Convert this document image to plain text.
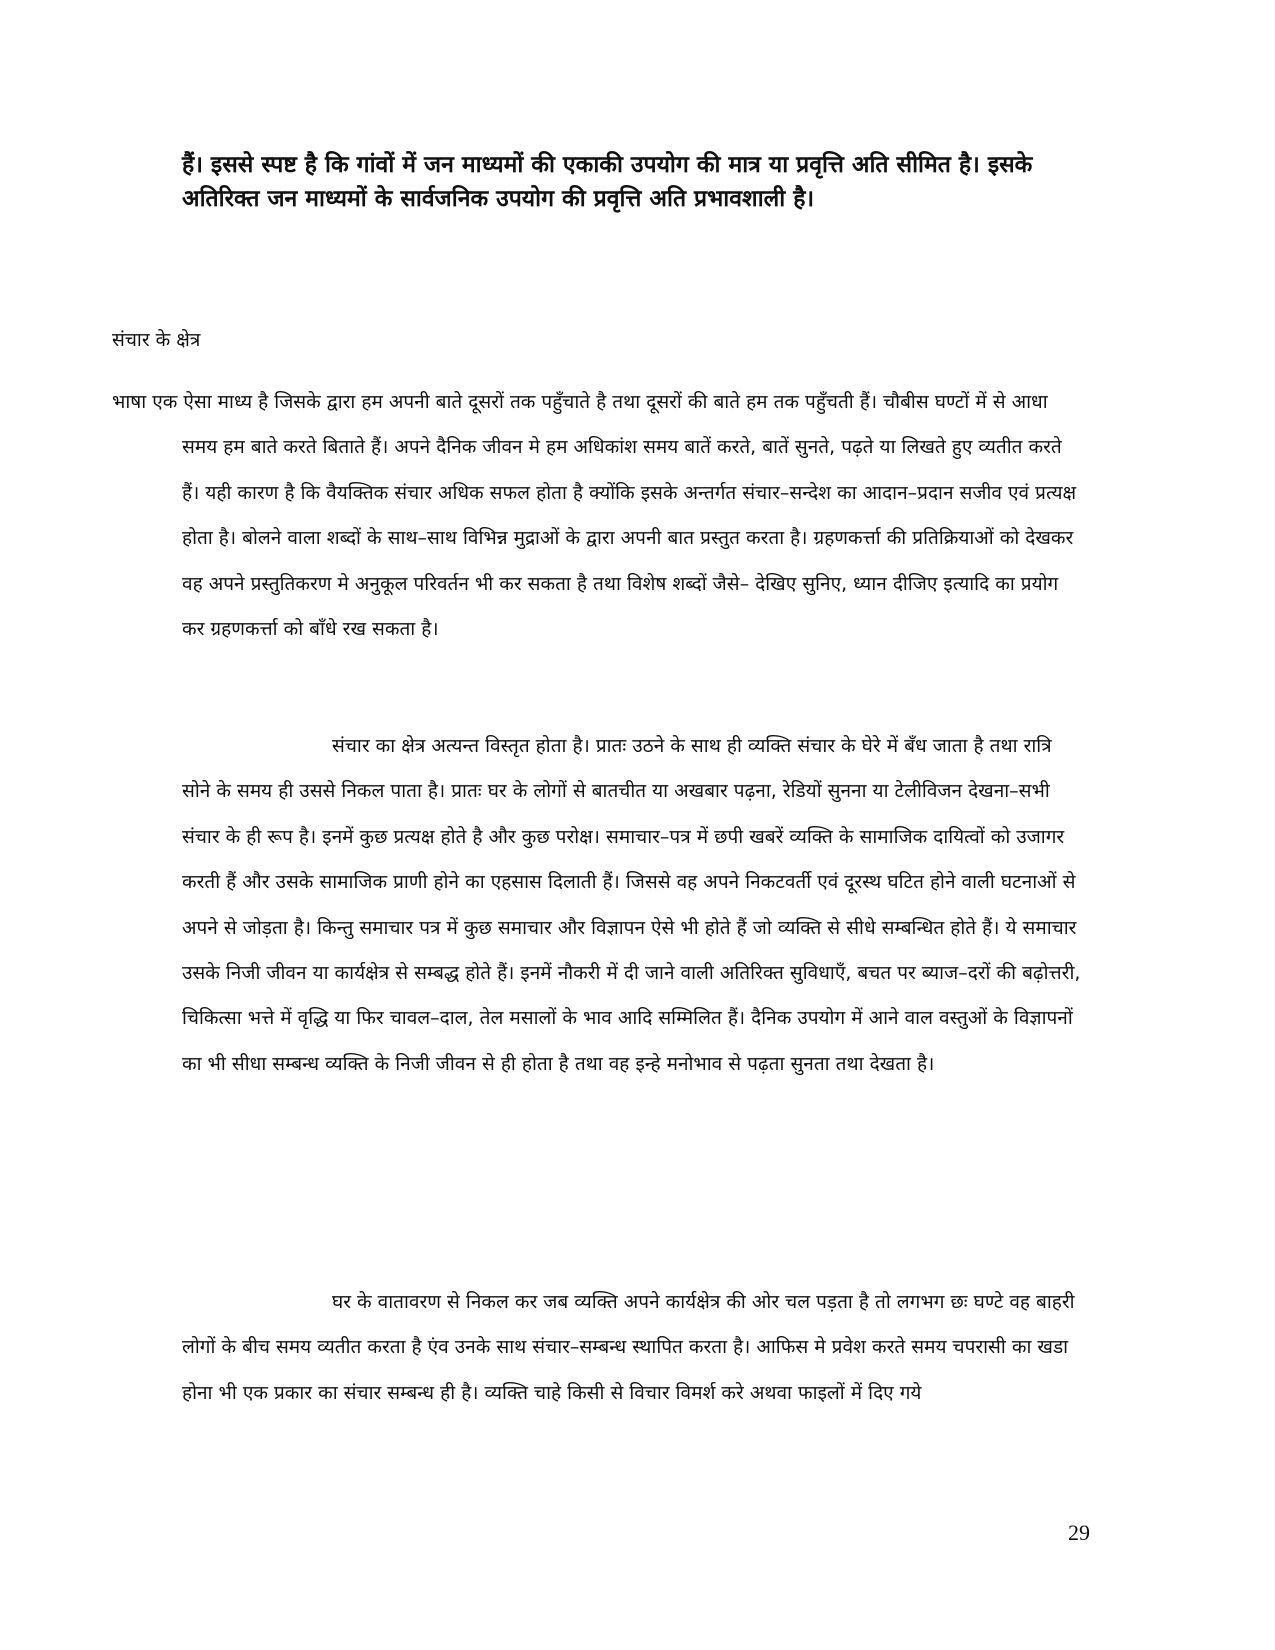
हैं। इससे स्पष्ट है कि गांवों में जन माध्यमों की एकाकी उपयोग की मात्र या प्रवृत्ति अति सीमित है। इसके अतिरिक्त जन माध्यमों के सार्वजनिक उपयोग की प्रवृत्ति अति प्रभावशाली है।

संचार के क्षेत्र

भाषा एक ऐसा माध्य है जिसके द्वारा हम अपनी बाते दूसरों तक पहुँचाते है तथा दूसरों की बाते हम तक पहुँचती हैं। चौबीस घण्टों में से आधा समय हम बाते करते बिताते हैं। अपने दैनिक जीवन मे हम अधिकांश समय बातें करते, बातें सुनते, पढ़ते या लिखते हुए व्यतीत करते हैं। यही कारण है कि वैयक्तिक संचार अधिक सफल होता है क्योंकि इसके अन्तर्गत संचार–सन्देश का आदान–प्रदान सजीव एवं प्रत्यक्ष होता है। बोलने वाला शब्दों के साथ–साथ विभिन्न मुद्राओं के द्वारा अपनी बात प्रस्तुत करता है। ग्रहणकर्त्ता की प्रतिक्रियाओं को देखकर वह अपने प्रस्तुतिकरण मे अनुकूल परिवर्तन भी कर सकता है तथा विशेष शब्दों जैसे– देखिए सुनिए, ध्यान दीजिए इत्यादि का प्रयोग कर ग्रहणकर्त्ता को बाँधे रख सकता है।

संचार का क्षेत्र अत्यन्त विस्तृत होता है। प्रातः उठने के साथ ही व्यक्ति संचार के घेरे में बँध जाता है तथा रात्रि सोने के समय ही उससे निकल पाता है। प्रातः घर के लोगों से बातचीत या अखबार पढ़ना, रेडियों सुनना या टेलीविजन देखना–सभी संचार के ही रूप है। इनमें कुछ प्रत्यक्ष होते है और कुछ परोक्ष। समाचार–पत्र में छपी खबरें व्यक्ति के सामाजिक दायित्वों को उजागर करती हैं और उसके सामाजिक प्राणी होने का एहसास दिलाती हैं। जिससे वह अपने निकटवर्ती एवं दूरस्थ घटित होने वाली घटनाओं से अपने से जोड़ता है। किन्तु समाचार पत्र में कुछ समाचार और विज्ञापन ऐसे भी होते हैं जो व्यक्ति से सीधे सम्बन्धित होते हैं। ये समाचार उसके निजी जीवन या कार्यक्षेत्र से सम्बद्ध होते हैं। इनमें नौकरी में दी जाने वाली अतिरिक्त सुविधाएँ, बचत पर ब्याज–दरों की बढ़ोत्तरी, चिकित्सा भत्ते में वृद्धि या फिर चावल–दाल, तेल मसालों के भाव आदि सम्मिलित हैं। दैनिक उपयोग में आने वाल वस्तुओं के विज्ञापनों का भी सीधा सम्बन्ध व्यक्ति के निजी जीवन से ही होता है तथा वह इन्हे मनोभाव से पढ़ता सुनता तथा देखता है।

घर के वातावरण से निकल कर जब व्यक्ति अपने कार्यक्षेत्र की ओर चल पड़ता है तो लगभग छः घण्टे वह बाहरी लोगों के बीच समय व्यतीत करता है एंव उनके साथ संचार–सम्बन्ध स्थापित करता है। आफिस मे प्रवेश करते समय चपरासी का खडा होना भी एक प्रकार का संचार सम्बन्ध ही है। व्यक्ति चाहे किसी से विचार विमर्श करे अथवा फाइलों में दिए गये

29
